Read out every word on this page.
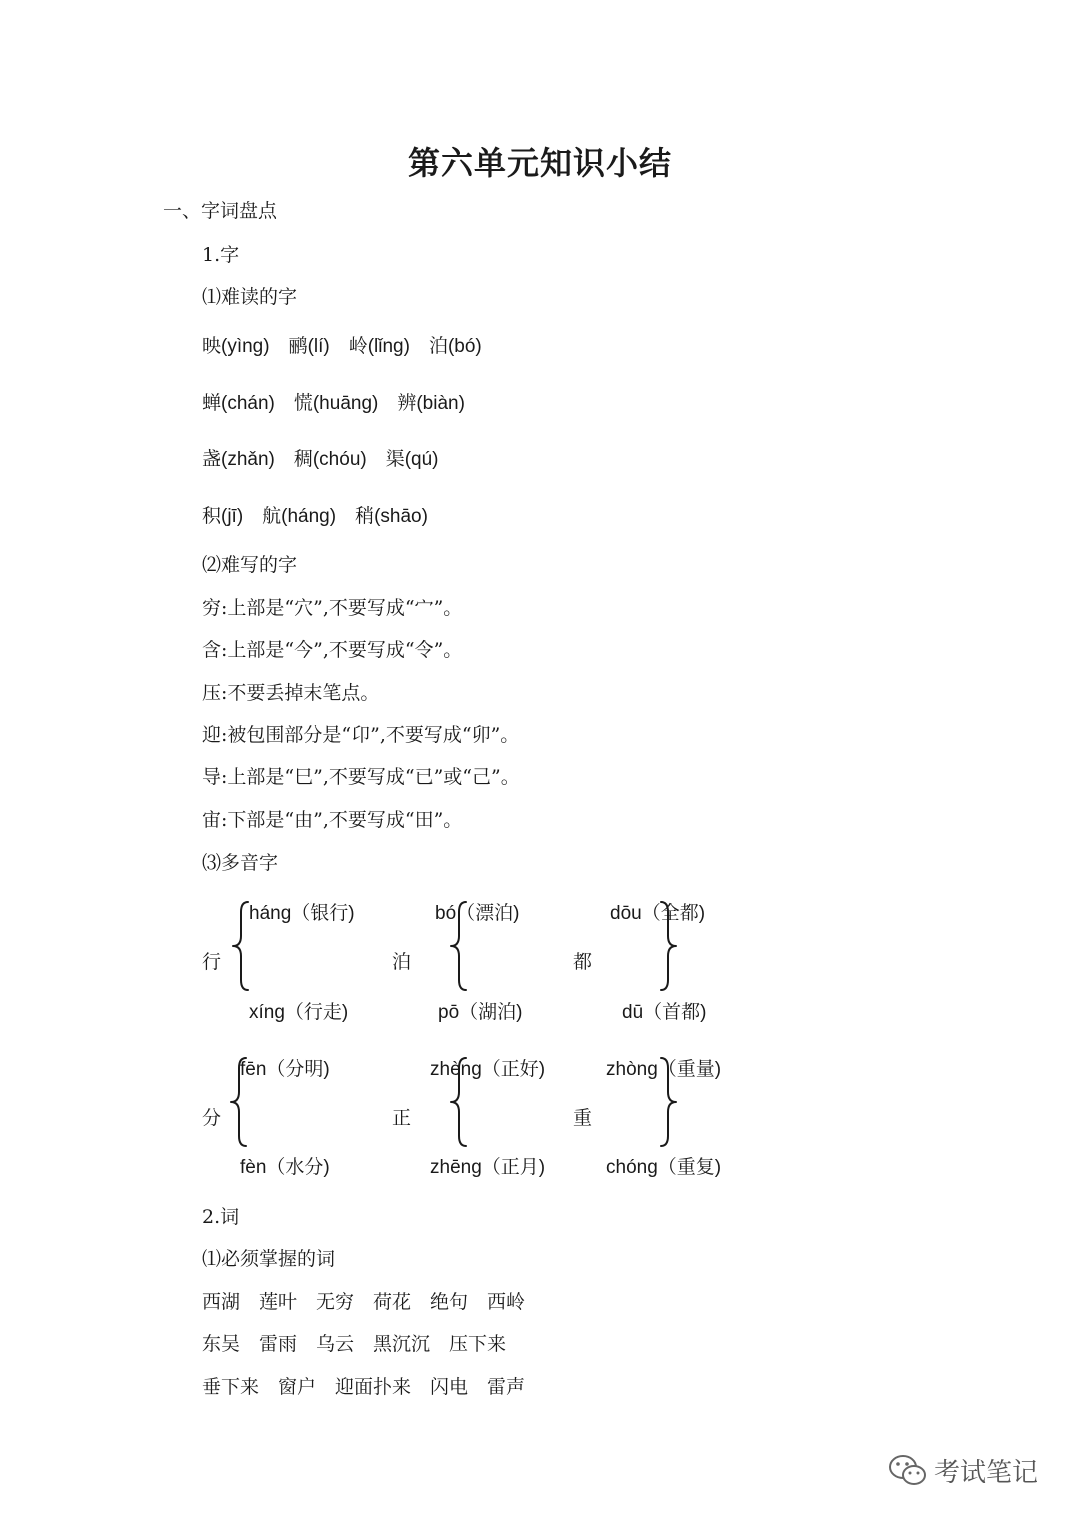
第六单元知识小结
一、字词盘点
1.字
⑴难读的字
映(yìng)　鹂(lí)　岭(lǐng)　泊(bó)
蝉(chán)　慌(huāng)　辨(biàn)
盏(zhǎn)　稠(chóu)　渠(qú)
积(jī)　航(háng)　稍(shāo)
⑵难写的字
穷:上部是“穴”,不要写成“宀”。
含:上部是“今”,不要写成“令”。
压:不要丢掉末笔点。
迎:被包围部分是“卬”,不要写成“卯”。
导:上部是“巳”,不要写成“已”或“己”。
宙:下部是“由”,不要写成“田”。
⑶多音字
行
háng（银行)
xíng（行走)
泊
bó（漂泊)
pō（湖泊)
都
dōu（全都)
dū（首都)
分
fēn（分明)
fèn（水分)
正
zhèng（正好)
zhēng（正月)
重
zhòng（重量)
chóng（重复)
2.词
⑴必须掌握的词
西湖　莲叶　无穷　荷花　绝句　西岭
东吴　雷雨　乌云　黑沉沉　压下来
垂下来　窗户　迎面扑来　闪电　雷声
考试笔记
